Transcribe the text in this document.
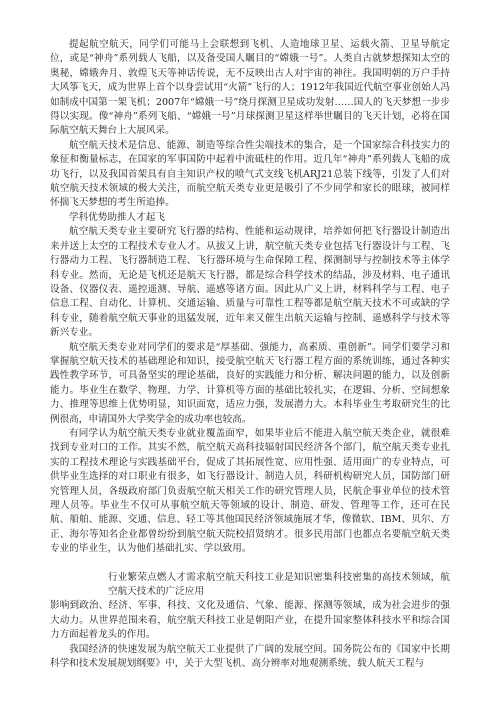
提起航空航天，同学们可能马上会联想到飞机、人造地球卫星、运载火箭、卫星导航定位，或是“神舟”系列载人飞船，以及备受国人瞩目的“嫦娥一号”。人类自古就梦想探知太空的奥秘，嫦娥奔月、敦煌飞天等神话传说，无不反映出古人对宇宙的神往。我国明朝的万户手持大风筝飞天，成为世界上首个以身尝试用“火箭”飞行的人；1912年我国近代航空事业创始人冯如制成中国第一架飞机；2007年“嫦娥一号”绕月探测卫星成功发射……国人的飞天梦想一步步得以实现。像“神舟”系列飞船、“嫦娥一号”月球探测卫星这样举世瞩目的飞天计划，必将在国际航空航天舞台上大展风采。

航空航天技术是信息、能源、制造等综合性尖端技术的集合，是一个国家综合科技实力的象征和衡量标志，在国家的军事国防中起着中流砥柱的作用。近几年“神舟”系列载人飞船的成功飞行，以及我国首架具有自主知识产权的喷气式支线飞机ARJ21总装下线等，引发了人们对航空航天技术领域的极大关注，而航空航天类专业更是吸引了不少同学和家长的眼球，被同样怀揣飞天梦想的考生所追捧。

学科优势助推人才起飞

航空航天类专业主要研究飞行器的结构、性能和运动规律，培养如何把飞行器设计制造出来并送上太空的工程技术专业人才。从拔又上讲，航空航天类专业包括飞行器设计与工程、飞行器动力工程、飞行器制造工程、飞行器环境与生命保障工程、探测制导与控制技术等主体学科专业。然而，无论是飞机还是航天飞行器，都是综合科学技术的结晶，涉及材料、电子通讯设备、仪器仪表、遥控遥测、导航、遥感等诸方面。因此从广义上讲，材料科学与工程、电子信息工程、自动化、计算机、交通运输、质量与可靠性工程等都是航空航天技术不可或缺的学科专业，随着航空航天事业的迅猛发展，近年来又催生出航天运输与控制、遥感科学与技术等新兴专业。

航空航天类专业对同学们的要求是“厚基础、强能力，高素质、重创新”。同学们要学习和掌握航空航天技术的基础理论和知识，接受航空航天飞行器工程方面的系统训练，通过各种实践性教学环节，可具备坚实的理论基础，良好的实践能力和分析、解决问题的能力，以及创新能力。毕业生在数学、物理、力学、计算机等方面的基础比较扎实，在逻辑、分析、空间想象力、推理等思维上优势明显，知识面宽，适应力强，发展潜力大。本科毕业生考取研究生的比例很高，申请国外大学奖学金的成功率也较高。

有同学认为航空航天类专业就业覆盖面窄，如果毕业后不能进入航空航天类企业，就很难找到专业对口的工作。其实不然，航空航天高科技辐射国民经济各个部门，航空航天类专业扎实的工程技术理论与实践基础平台，促成了其拓展性宽、应用性强、适用面广的专业特点，可供毕业生选择的对口职业有很多，如飞行器设计、制造人员，科研机构研究人员，国防部门研究管理人员，各级政府部门负责航空航天相关工作的研究管理人员，民航企事业单位的技术管理人员等。毕业生不仅可从事航空航天等领域的设计、制造、研发、管理等工作，还可在民航、船舶、能源、交通、信息、轻工等其他国民经济领域施展才华，像微软、IBM、贝尔、方正、海尔等知名企业都曾纷纷到航空航天院校招贤纳才。很多民用部门也都点名要航空航天类专业的毕业生，认为他们基础扎实、学以致用。

行业繁荣点燃人才需求航空航天科技工业是知识密集科技密集的高技术领域，航空航天技术的广泛应用

影响到政治、经济、军事、科技、文化及通信、气象、能源、探测等领域，成为社会进步的强大动力。从世界范围来看，航空航天科技工业是朝阳产业，在提升国家整体科技水平和综合国力方面起着龙头的作用。

我国经济的快速发展为航空航天工业提供了广阔的发展空间。国务院公布的《国家中长期科学和技术发展规划纲要》中，关于大型飞机、高分辨率对地观测系统、载人航天工程与
